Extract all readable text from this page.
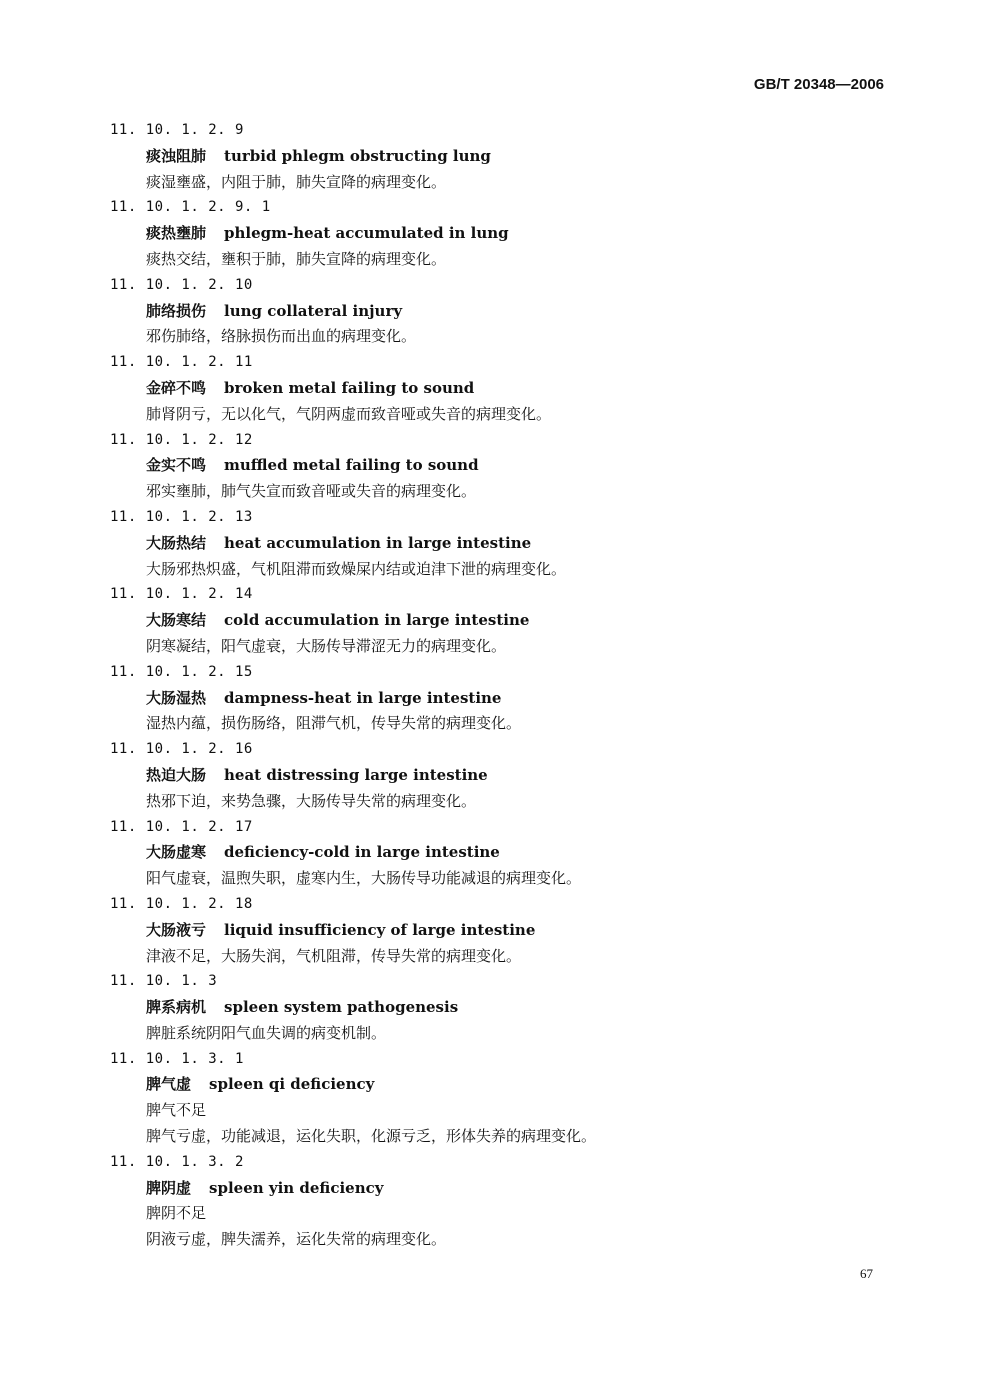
GB/T 20348—2006
11. 10. 1. 2. 9
痰浊阻肺 turbid phlegm obstructing lung
痰湿壅盛，内阻于肺，肺失宣降的病理变化。
11. 10. 1. 2. 9. 1
痰热壅肺 phlegm-heat accumulated in lung
痰热交结，壅积于肺，肺失宣降的病理变化。
11. 10. 1. 2. 10
肺络损伤 lung collateral injury
邪伤肺络，络脉损伤而出血的病理变化。
11. 10. 1. 2. 11
金碎不鸣 broken metal failing to sound
肺肾阴亏，无以化气，气阴两虚而致音哑或失音的病理变化。
11. 10. 1. 2. 12
金实不鸣 muffled metal failing to sound
邪实壅肺，肺气失宣而致音哑或失音的病理变化。
11. 10. 1. 2. 13
大肠热结 heat accumulation in large intestine
大肠邪热炽盛，气机阻滞而致燥屎内结或迫津下泄的病理变化。
11. 10. 1. 2. 14
大肠寒结 cold accumulation in large intestine
阴寒凝结，阳气虚衰，大肠传导滞涩无力的病理变化。
11. 10. 1. 2. 15
大肠湿热 dampness-heat in large intestine
湿热内蕴，损伤肠络，阻滞气机，传导失常的病理变化。
11. 10. 1. 2. 16
热迫大肠 heat distressing large intestine
热邪下迫，来势急骤，大肠传导失常的病理变化。
11. 10. 1. 2. 17
大肠虚寒 deficiency-cold in large intestine
阳气虚衰，温煦失职，虚寒内生，大肠传导功能减退的病理变化。
11. 10. 1. 2. 18
大肠液亏 liquid insufficiency of large intestine
津液不足，大肠失润，气机阻滞，传导失常的病理变化。
11. 10. 1. 3
脾系病机 spleen system pathogenesis
脾脏系统阴阳气血失调的病变机制。
11. 10. 1. 3. 1
脾气虚 spleen qi deficiency
脾气不足
脾气亏虚，功能减退，运化失职，化源亏乏，形体失养的病理变化。
11. 10. 1. 3. 2
脾阴虚 spleen yin deficiency
脾阴不足
阴液亏虚，脾失濡养，运化失常的病理变化。
67
